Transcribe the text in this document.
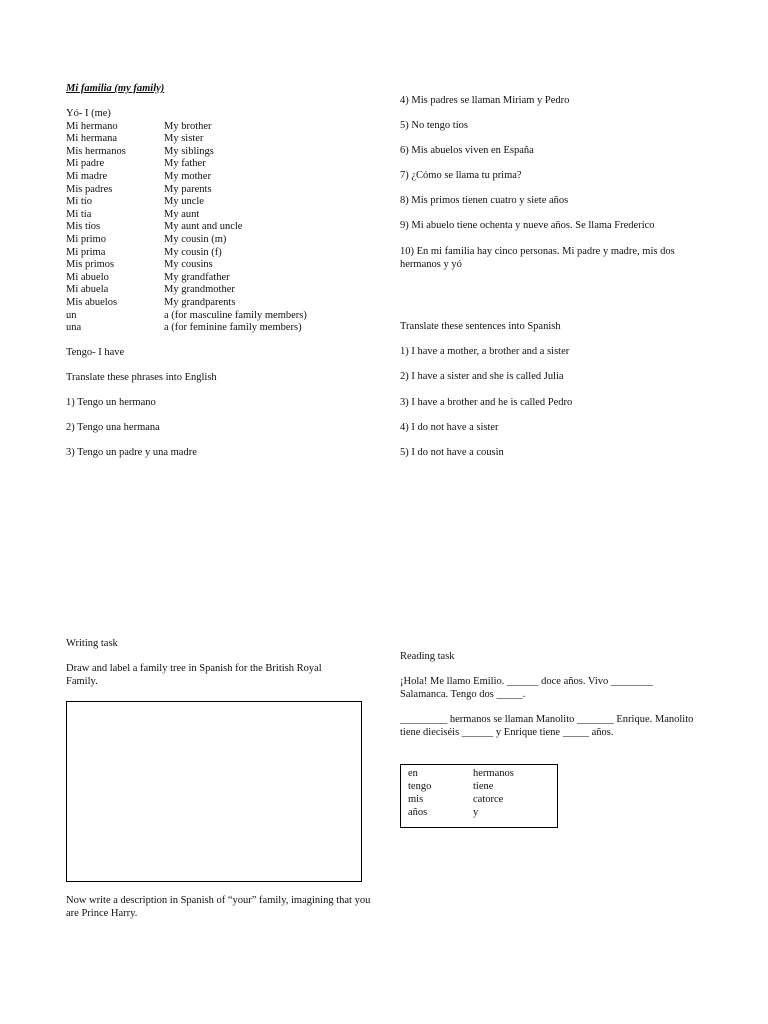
Mi familia (my family)
Yó- I (me)
Mi hermano	My brother
Mi hermana	My sister
Mis hermanos	My siblings
Mi padre	My father
Mi madre	My mother
Mis padres	My parents
Mi tío	My uncle
Mi tía	My aunt
Mis tíos	My aunt and uncle
Mi primo	My cousin (m)
Mi prima	My cousin (f)
Mis primos	My cousins
Mi abuelo	My grandfather
Mi abuela	My grandmother
Mis abuelos	My grandparents
un	a (for masculine family members)
una	a (for feminine family members)
Tengo- I have
Translate these phrases into English
1) Tengo un hermano
2) Tengo una hermana
3) Tengo un padre y una madre
4) Mis padres se llaman Miriam y Pedro
5) No tengo tíos
6) Mis abuelos viven en España
7) ¿Cómo se llama tu prima?
8) Mis primos tienen cuatro y siete años
9) Mi abuelo tiene ochenta y nueve años. Se llama Frederico
10) En mi familia hay cinco personas. Mi padre y madre, mis dos hermanos y yó
Translate these sentences into Spanish
1) I have a mother, a brother and a sister
2) I have a sister and she is called Julia
3) I have a brother and he is called Pedro
4) I do not have a sister
5) I do not have a cousin
Writing task
Draw and label a family tree in Spanish for the British Royal Family.
Now write a description in Spanish of “your” family, imagining that you are Prince Harry.
Reading task
¡Hola! Me llamo Emilio. ______ doce años. Vivo ________ Salamanca. Tengo dos _____.
_________ hermanos se llaman Manolito _______ Enrique. Manolito tiene dieciséis ______ y Enrique tiene _____ años.
en	hermanos
tengo	tiene
mis	catorce
años	y
